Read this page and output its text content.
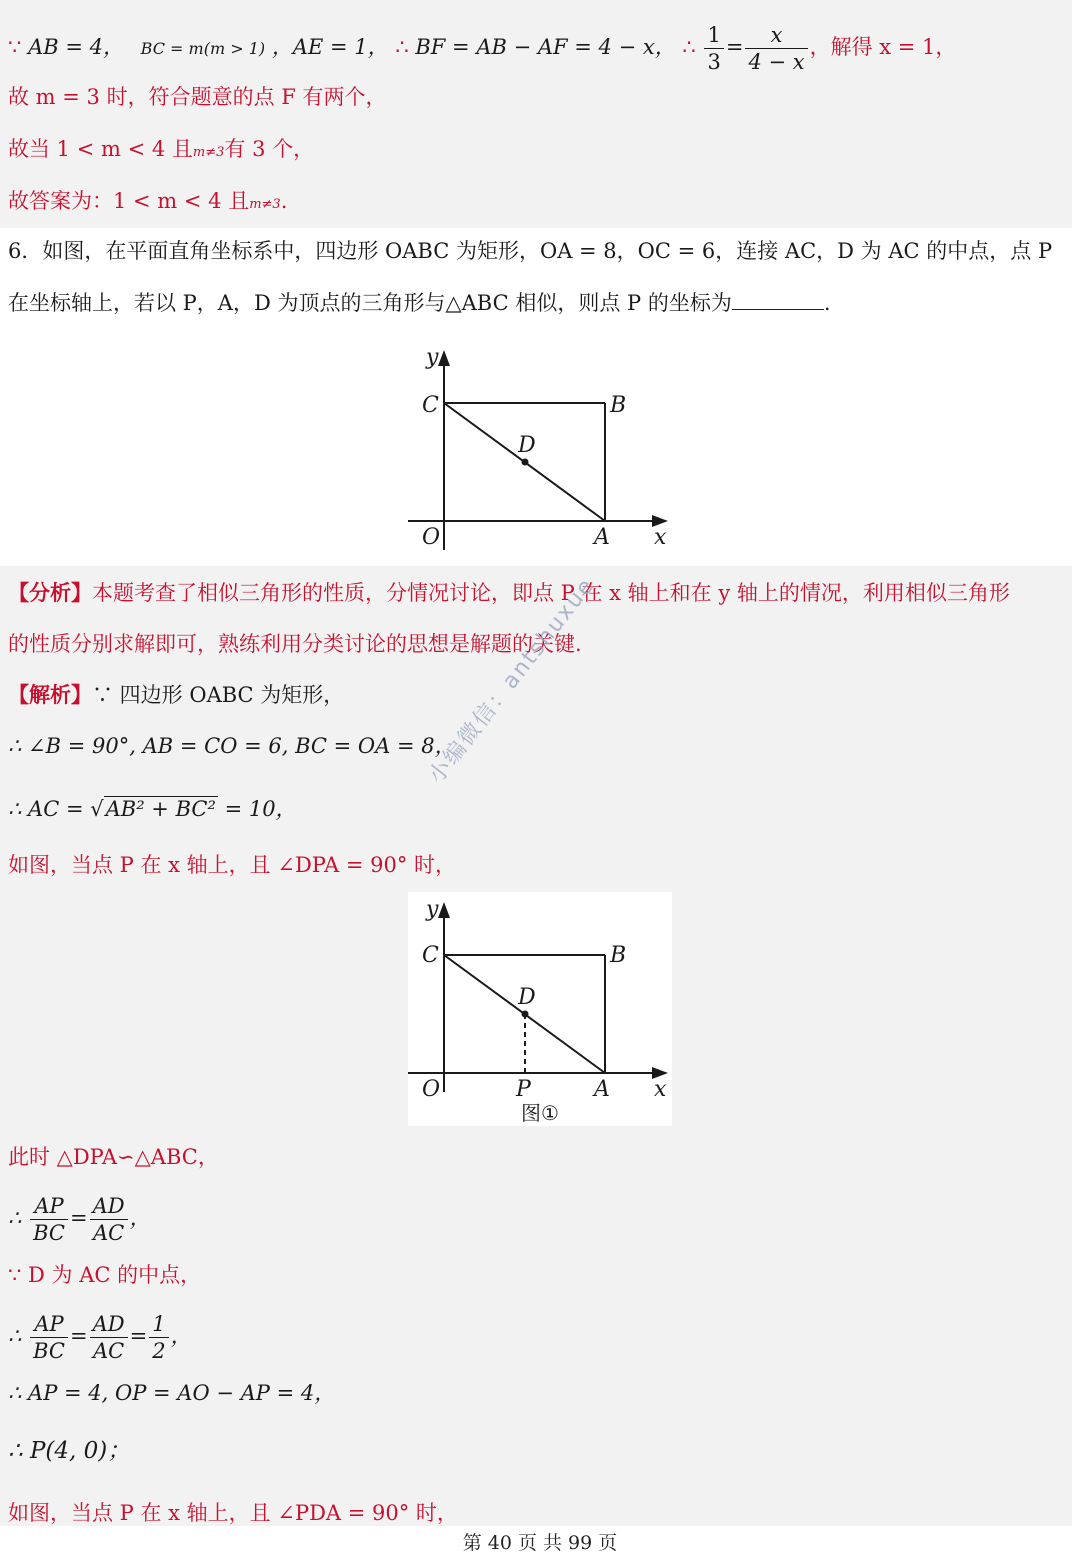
∵ AB = 4， BC = m(m > 1) ，AE = 1， ∴ BF = AB − AF = 4 − x， ∴ $\frac{1}{3} = \frac{x}{4 - x}$ ，解得 x = 1，
故 m = 3 时，符合题意的点 F 有两个，
故当 1 < m < 4 且m≠3有 3 个，
故答案为：1 < m < 4 且m≠3.
6．如图，在平面直角坐标系中，四边形 OABC 为矩形，OA = 8，OC = 6，连接 AC，D 为 AC 的中点，点 P
在坐标轴上，若以 P，A，D 为顶点的三角形与△ABC 相似，则点 P 的坐标为	.
y
C	B
D
O	A x
【分析】本题考查了相似三角形的性质，分情况讨论，即点 P 在 x 轴上和在 y 轴上的情况，利用相似三角形
的性质分别求解即可，熟练利用分类讨论的思想是解题的关键.
【解析】∵ 四边形 OABC 为矩形，
∴ ∠B = 90°, AB = CO = 6, BC = OA = 8，
∴ AC = √AB² + BC² = 10，
如图，当点 P 在 x 轴上，且 ∠DPA = 90° 时，
y
C	B
D
O	P	A x
图①
此时 △DPA∽△ABC，
∴ $\frac{AP}{BC} = \frac{AD}{AC}$ ，
∵ D 为 AC 的中点，
∴ $\frac{AP}{BC} = \frac{AD}{AC} = \frac{1}{2}$ ，
∴ AP = 4, OP = AO − AP = 4，
∴ P(4, 0)；
如图，当点 P 在 x 轴上，且 ∠PDA = 90° 时，
小编微信：antshuxue
第 40 页 共 99 页
